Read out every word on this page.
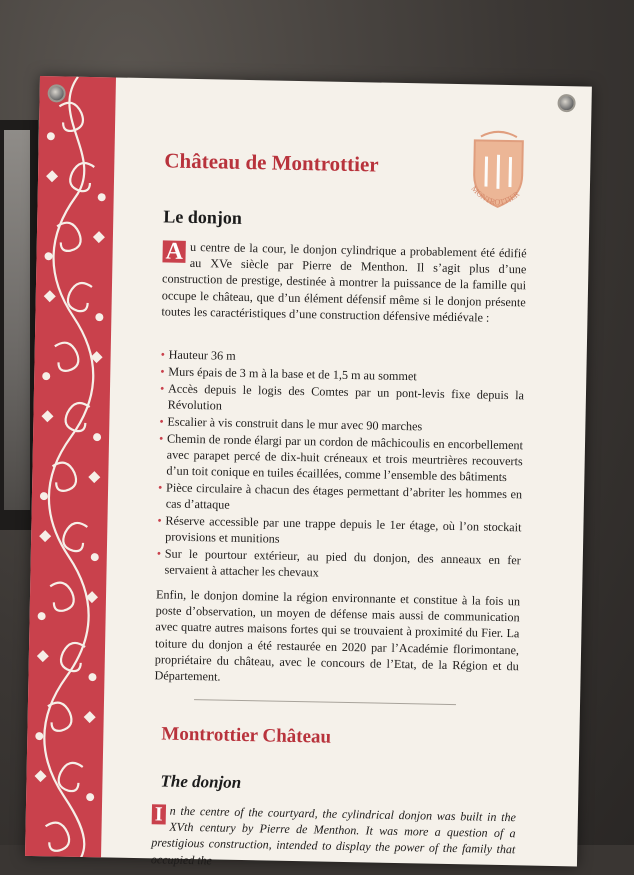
Château de Montrottier
MONTROTTIER
Le donjon
A u centre de la cour, le donjon cylindrique a probablement été édifié au XVe siècle par Pierre de Menthon. Il s’agit plus d’une construction de prestige, destinée à montrer la puissance de la famille qui occupe le château, que d’un élément défensif même si le donjon présente toutes les caractéristiques d’une construction défensive médiévale :
• Hauteur 36 m
• Murs épais de 3 m à la base et de 1,5 m au sommet
• Accès depuis le logis des Comtes par un pont-levis fixe depuis la Révolution
• Escalier à vis construit dans le mur avec 90 marches
• Chemin de ronde élargi par un cordon de mâchicoulis en encorbellement avec parapet percé de dix-huit créneaux et trois meurtrières recouverts d’un toit conique en tuiles écaillées, comme l’ensemble des bâtiments
• Pièce circulaire à chacun des étages permettant d’abriter les hommes en cas d’attaque
• Réserve accessible par une trappe depuis le 1er étage, où l’on stockait provisions et munitions
• Sur le pourtour extérieur, au pied du donjon, des anneaux en fer servaient à attacher les chevaux
Enfin, le donjon domine la région environnante et constitue à la fois un poste d’observation, un moyen de défense mais aussi de communication avec quatre autres maisons fortes qui se trouvaient à proximité du Fier. La toiture du donjon a été restaurée en 2020 par l’Académie florimontane, propriétaire du château, avec le concours de l’Etat, de la Région et du Département.
Montrottier Château
The donjon
I n the centre of the courtyard, the cylindrical donjon was built in the XVth century by Pierre de Menthon. It was more a question of a prestigious construction, intended to display the power of the family that occupied the
